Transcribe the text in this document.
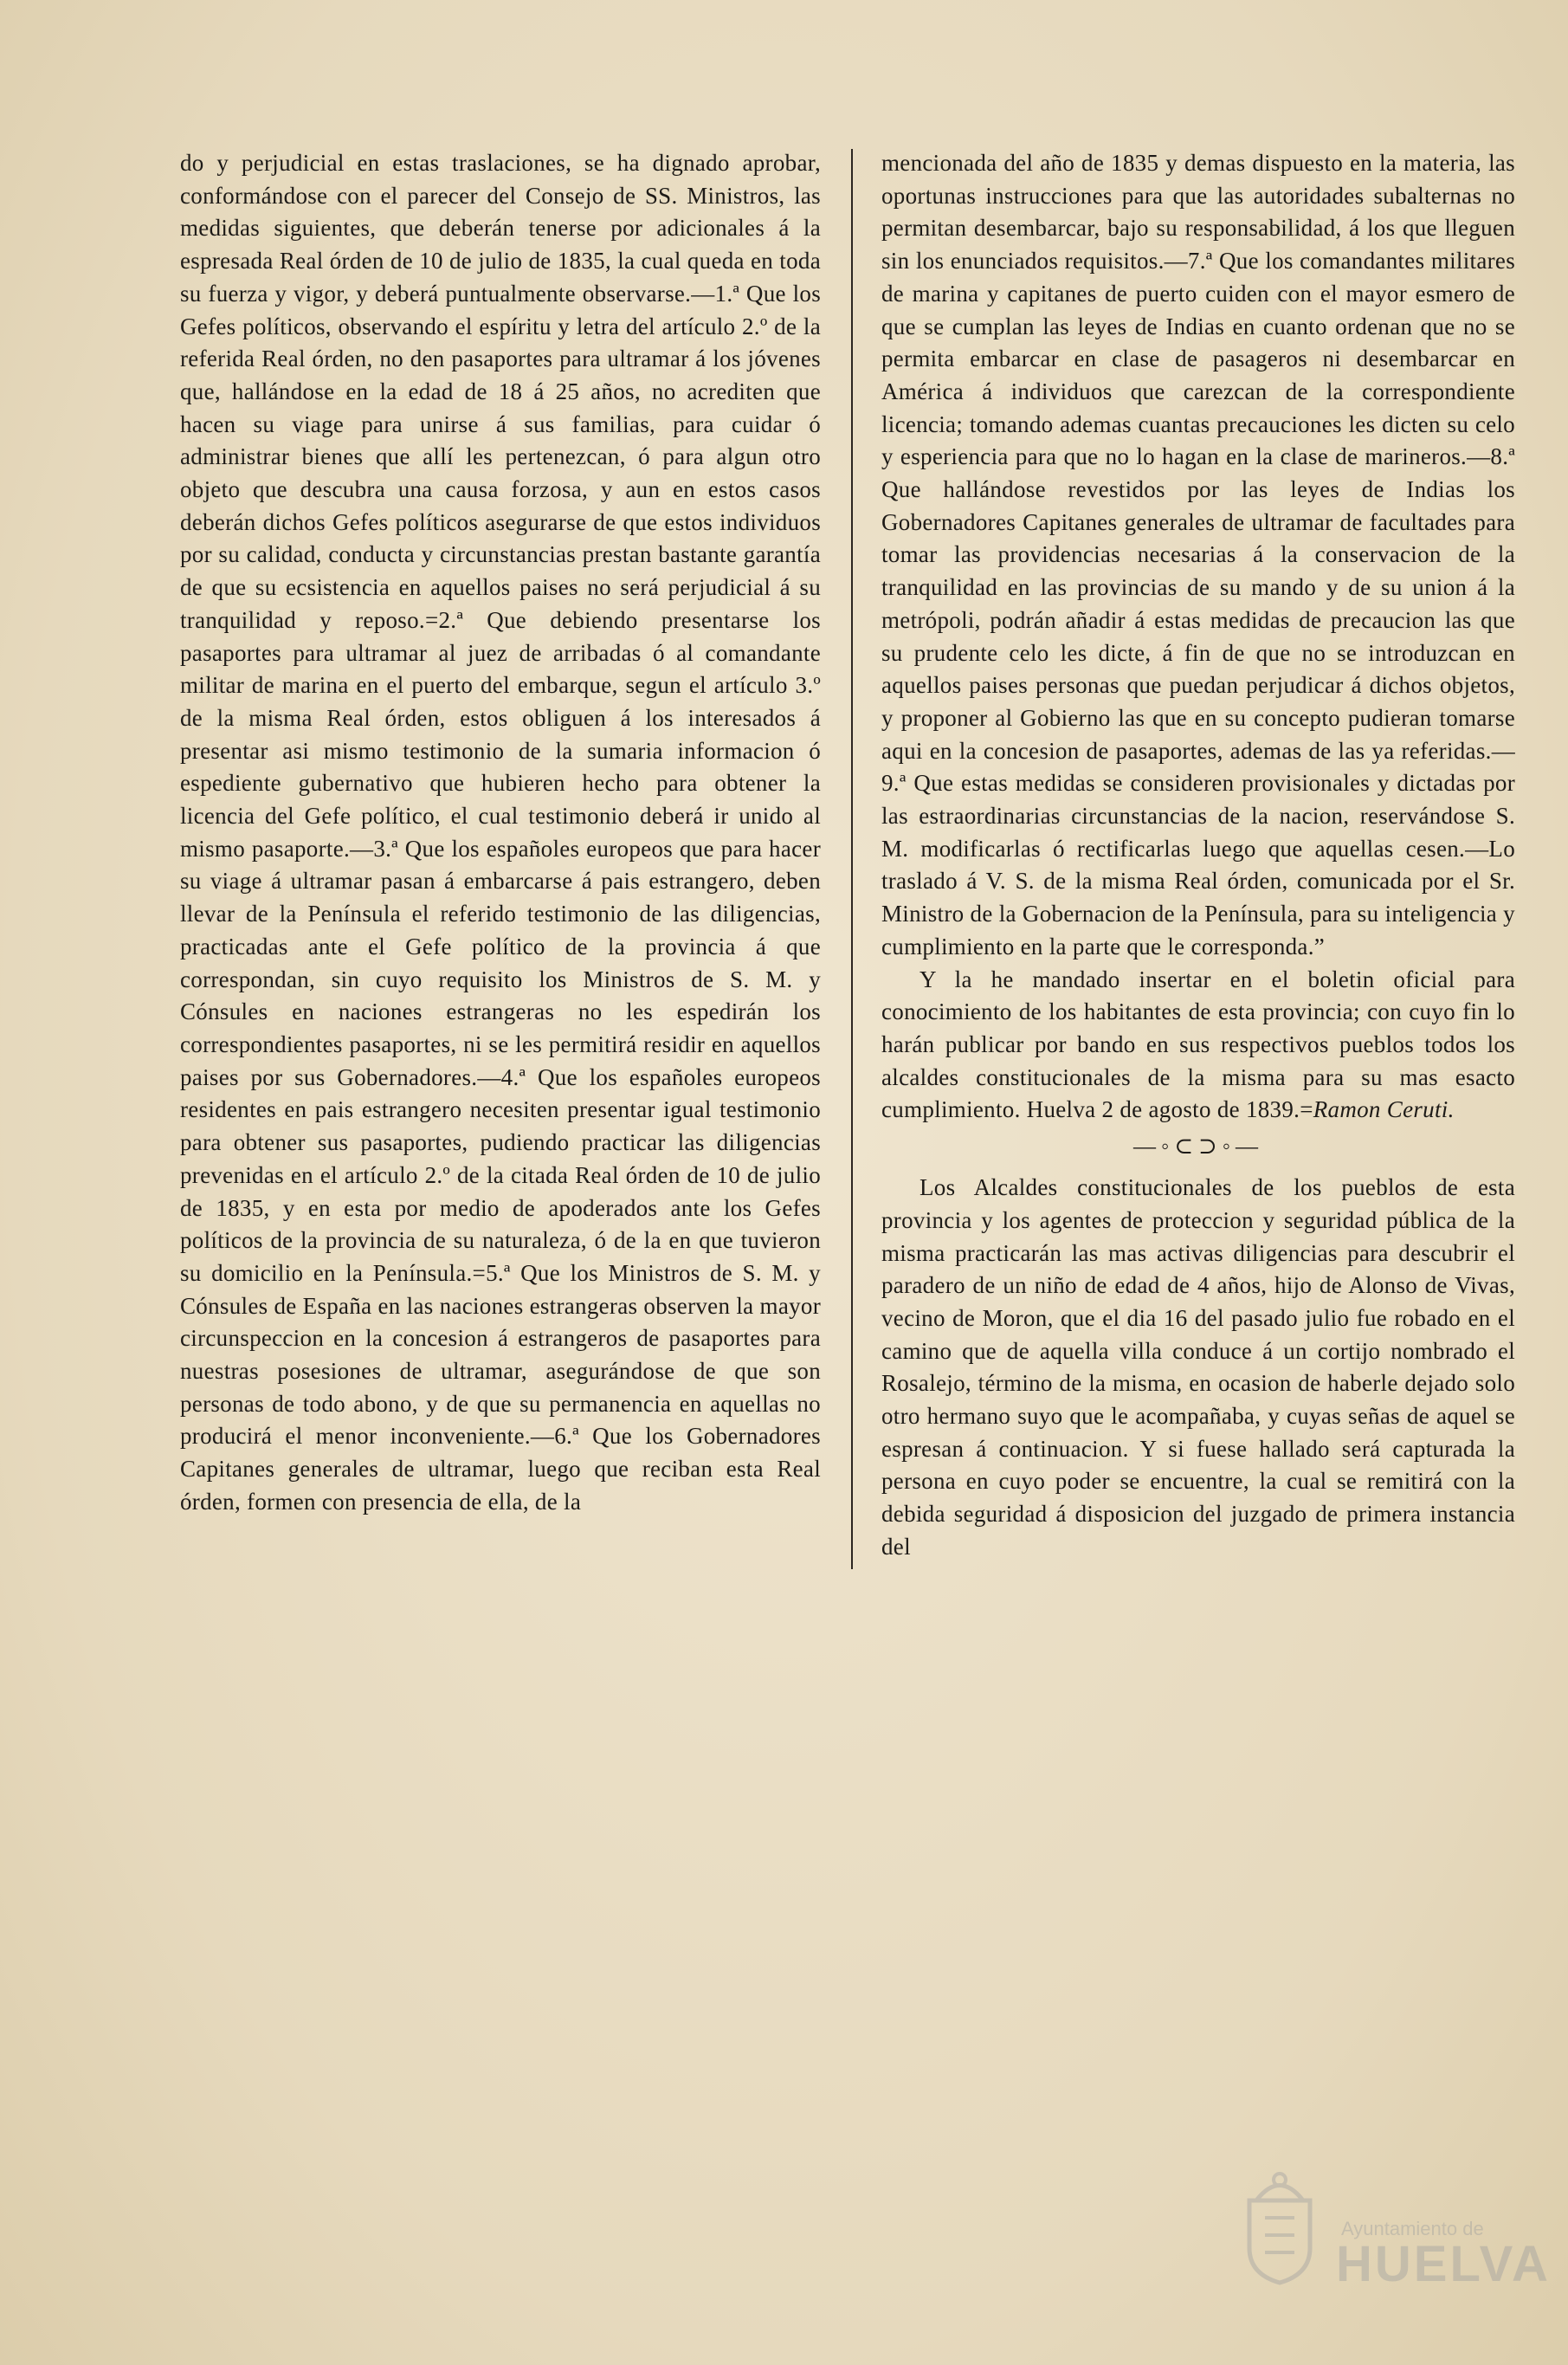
do y perjudicial en estas traslaciones, se ha dignado aprobar, conformándose con el parecer del Consejo de SS. Ministros, las medidas siguientes, que deberán tenerse por adicionales á la espresada Real órden de 10 de julio de 1835, la cual queda en toda su fuerza y vigor, y deberá puntualmente observarse.—1.ª Que los Gefes políticos, observando el espíritu y letra del artículo 2.º de la referida Real órden, no den pasaportes para ultramar á los jóvenes que, hallándose en la edad de 18 á 25 años, no acrediten que hacen su viage para unirse á sus familias, para cuidar ó administrar bienes que allí les pertenezcan, ó para algun otro objeto que descubra una causa forzosa, y aun en estos casos deberán dichos Gefes políticos asegurarse de que estos individuos por su calidad, conducta y circunstancias prestan bastante garantía de que su ecsistencia en aquellos paises no será perjudicial á su tranquilidad y reposo.=2.ª Que debiendo presentarse los pasaportes para ultramar al juez de arribadas ó al comandante militar de marina en el puerto del embarque, segun el artículo 3.º de la misma Real órden, estos obliguen á los interesados á presentar asi mismo testimonio de la sumaria informacion ó espediente gubernativo que hubieren hecho para obtener la licencia del Gefe político, el cual testimonio deberá ir unido al mismo pasaporte.—3.ª Que los españoles europeos que para hacer su viage á ultramar pasan á embarcarse á pais estrangero, deben llevar de la Península el referido testimonio de las diligencias, practicadas ante el Gefe político de la provincia á que correspondan, sin cuyo requisito los Ministros de S. M. y Cónsules en naciones estrangeras no les espedirán los correspondientes pasaportes, ni se les permitirá residir en aquellos paises por sus Gobernadores.—4.ª Que los españoles europeos residentes en pais estrangero necesiten presentar igual testimonio para obtener sus pasaportes, pudiendo practicar las diligencias prevenidas en el artículo 2.º de la citada Real órden de 10 de julio de 1835, y en esta por medio de apoderados ante los Gefes políticos de la provincia de su naturaleza, ó de la en que tuvieron su domicilio en la Península.=5.ª Que los Ministros de S. M. y Cónsules de España en las naciones estrangeras observen la mayor circunspeccion en la concesion á estrangeros de pasaportes para nuestras posesiones de ultramar, asegurándose de que son personas de todo abono, y de que su permanencia en aquellas no producirá el menor inconveniente.—6.ª Que los Gobernadores Capitanes generales de ultramar, luego que reciban esta Real órden, formen con presencia de ella, de la

mencionada del año de 1835 y demas dispuesto en la materia, las oportunas instrucciones para que las autoridades subalternas no permitan desembarcar, bajo su responsabilidad, á los que lleguen sin los enunciados requisitos.—7.ª Que los comandantes militares de marina y capitanes de puerto cuiden con el mayor esmero de que se cumplan las leyes de Indias en cuanto ordenan que no se permita embarcar en clase de pasageros ni desembarcar en América á individuos que carezcan de la correspondiente licencia; tomando ademas cuantas precauciones les dicten su celo y esperiencia para que no lo hagan en la clase de marineros.—8.ª Que hallándose revestidos por las leyes de Indias los Gobernadores Capitanes generales de ultramar de facultades para tomar las providencias necesarias á la conservacion de la tranquilidad en las provincias de su mando y de su union á la metrópoli, podrán añadir á estas medidas de precaucion las que su prudente celo les dicte, á fin de que no se introduzcan en aquellos paises personas que puedan perjudicar á dichos objetos, y proponer al Gobierno las que en su concepto pudieran tomarse aqui en la concesion de pasaportes, ademas de las ya referidas.—9.ª Que estas medidas se consideren provisionales y dictadas por las estraordinarias circunstancias de la nacion, reservándose S. M. modificarlas ó rectificarlas luego que aquellas cesen.—Lo traslado á V. S. de la misma Real órden, comunicada por el Sr. Ministro de la Gobernacion de la Península, para su inteligencia y cumplimiento en la parte que le corresponda.”

Y la he mandado insertar en el boletin oficial para conocimiento de los habitantes de esta provincia; con cuyo fin lo harán publicar por bando en sus respectivos pueblos todos los alcaldes constitucionales de la misma para su mas esacto cumplimiento. Huelva 2 de agosto de 1839.=Ramon Ceruti.

—◦⊂⊃◦—

Los Alcaldes constitucionales de los pueblos de esta provincia y los agentes de proteccion y seguridad pública de la misma practicarán las mas activas diligencias para descubrir el paradero de un niño de edad de 4 años, hijo de Alonso de Vivas, vecino de Moron, que el dia 16 del pasado julio fue robado en el camino que de aquella villa conduce á un cortijo nombrado el Rosalejo, término de la misma, en ocasion de haberle dejado solo otro hermano suyo que le acompañaba, y cuyas señas de aquel se espresan á continuacion. Y si fuese hallado será capturada la persona en cuyo poder se encuentre, la cual se remitirá con la debida seguridad á disposicion del juzgado de primera instancia del

Ayuntamiento de
HUELVA
